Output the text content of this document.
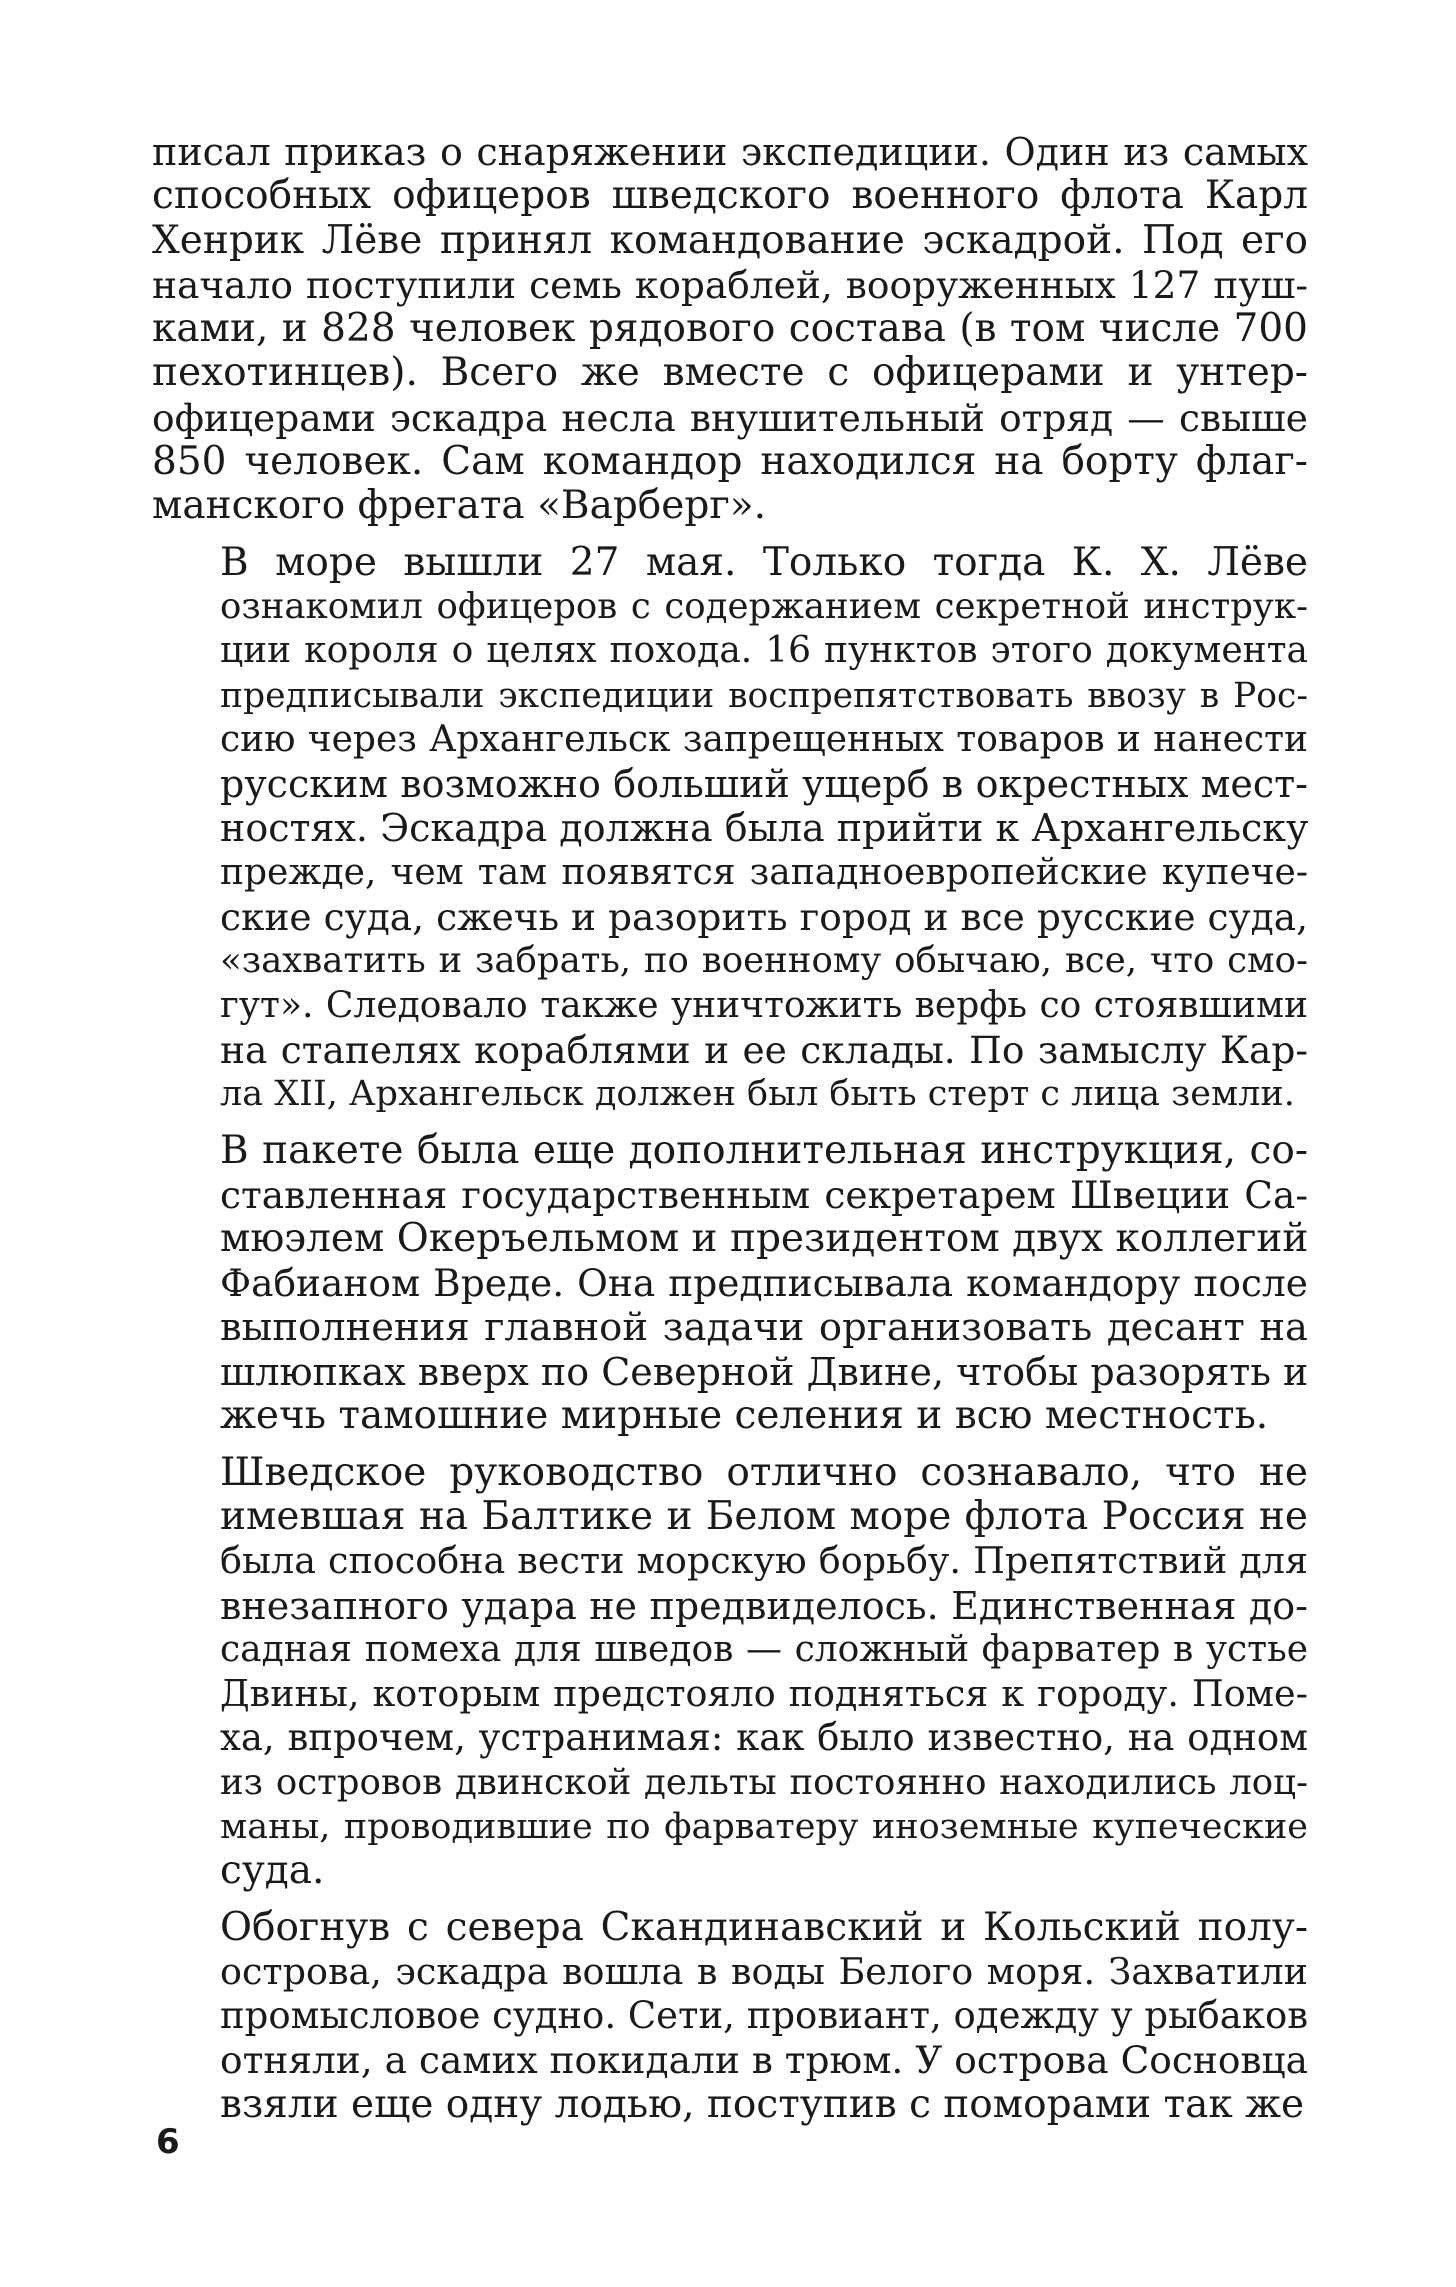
писал приказ о снаряжении экспедиции. Один из самых
способных офицеров шведского военного флота Карл
Хенрик Лёве принял командование эскадрой. Под его
начало поступили семь кораблей, вооруженных 127 пуш-
ками, и 828 человек рядового состава (в том числе 700
пехотинцев). Всего же вместе с офицерами и унтер-
офицерами эскадра несла внушительный отряд — свыше
850 человек. Сам командор находился на борту флаг-
манского фрегата «Варберг».
В море вышли 27 мая. Только тогда К. Х. Лёве
ознакомил офицеров с содержанием секретной инструк-
ции короля о целях похода. 16 пунктов этого документа
предписывали экспедиции воспрепятствовать ввозу в Рос-
сию через Архангельск запрещенных товаров и нанести
русским возможно больший ущерб в окрестных мест-
ностях. Эскадра должна была прийти к Архангельску
прежде, чем там появятся западноевропейские купече-
ские суда, сжечь и разорить город и все русские суда,
«захватить и забрать, по военному обычаю, все, что смо-
гут». Следовало также уничтожить верфь со стоявшими
на стапелях кораблями и ее склады. По замыслу Кар-
ла XII, Архангельск должен был быть стерт с лица земли.
В пакете была еще дополнительная инструкция, со-
ставленная государственным секретарем Швеции Са-
мюэлем Океръельмом и президентом двух коллегий
Фабианом Вреде. Она предписывала командору после
выполнения главной задачи организовать десант на
шлюпках вверх по Северной Двине, чтобы разорять и
жечь тамошние мирные селения и всю местность.
Шведское руководство отлично сознавало, что не
имевшая на Балтике и Белом море флота Россия не
была способна вести морскую борьбу. Препятствий для
внезапного удара не предвиделось. Единственная до-
садная помеха для шведов — сложный фарватер в устье
Двины, которым предстояло подняться к городу. Поме-
ха, впрочем, устранимая: как было известно, на одном
из островов двинской дельты постоянно находились лоц-
маны, проводившие по фарватеру иноземные купеческие
суда.
Обогнув с севера Скандинавский и Кольский полу-
острова, эскадра вошла в воды Белого моря. Захватили
промысловое судно. Сети, провиант, одежду у рыбаков
отняли, а самих покидали в трюм. У острова Сосновца
взяли еще одну лодью, поступив с поморами так же
6
